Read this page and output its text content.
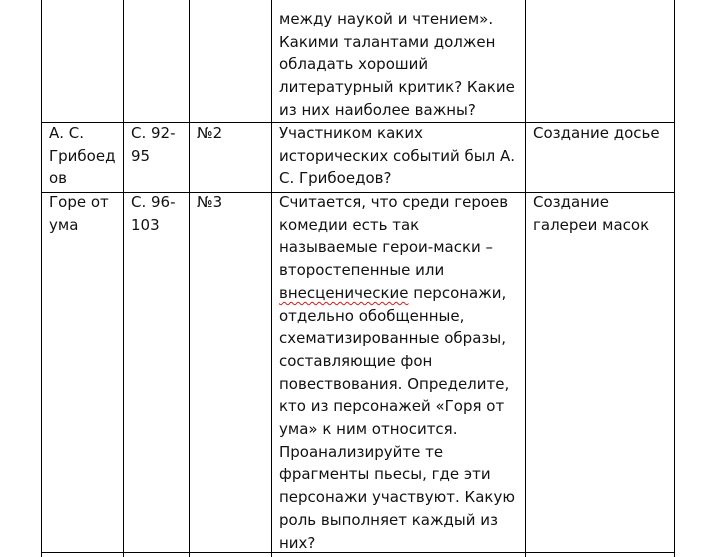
между наукой и чтением».
Какими талантами должен
обладать хороший
литературный критик? Какие
из них наиболее важны?
А. С.
Грибоед
ов
С. 92-
95
№2	Участником каких
исторических событий был А.
С. Грибоедов?
Создание досье
Горе от
ума
С. 96-
103
№3	Считается, что среди героев
комедии есть так
называемые герои-маски –
второстепенные или
внесценические персонажи,
отдельно обобщенные,
схематизированные образы,
составляющие фон
повествования. Определите,
кто из персонажей «Горя от
ума» к ним относится.
Проанализируйте те
фрагменты пьесы, где эти
персонажи участвуют. Какую
роль выполняет каждый из
них?
Создание
галереи масок
